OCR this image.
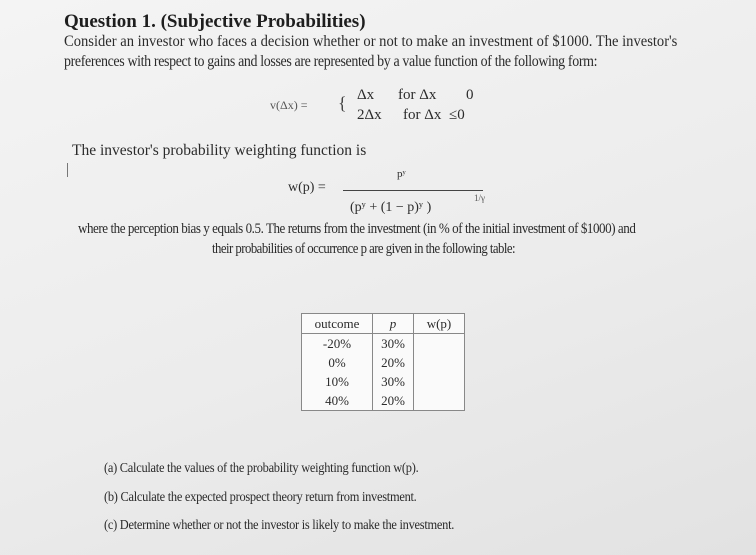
Question 1. (Subjective Probabilities)
Consider an investor who faces a decision whether or not to make an investment of $1000. The investor's
preferences with respect to gains and losses are represented by a value function of the following form:
v(Δx) = { Δx for Δx 0
2Δx for Δx ≤0
The investor's probability weighting function is
w(p) =
pʸ
(pʸ + (1 − p)ʸ )
1/γ
where the perception bias y equals 0.5. The returns from the investment (in % of the initial investment of $1000) and
their probabilities of occurrence p are given in the following table:
outcome	p	w(p)
-20%	30%	
0%	20%	
10%	30%	
40%	20%	
(a) Calculate the values of the probability weighting function w(p).
(b) Calculate the expected prospect theory return from investment.
(c) Determine whether or not the investor is likely to make the investment.
